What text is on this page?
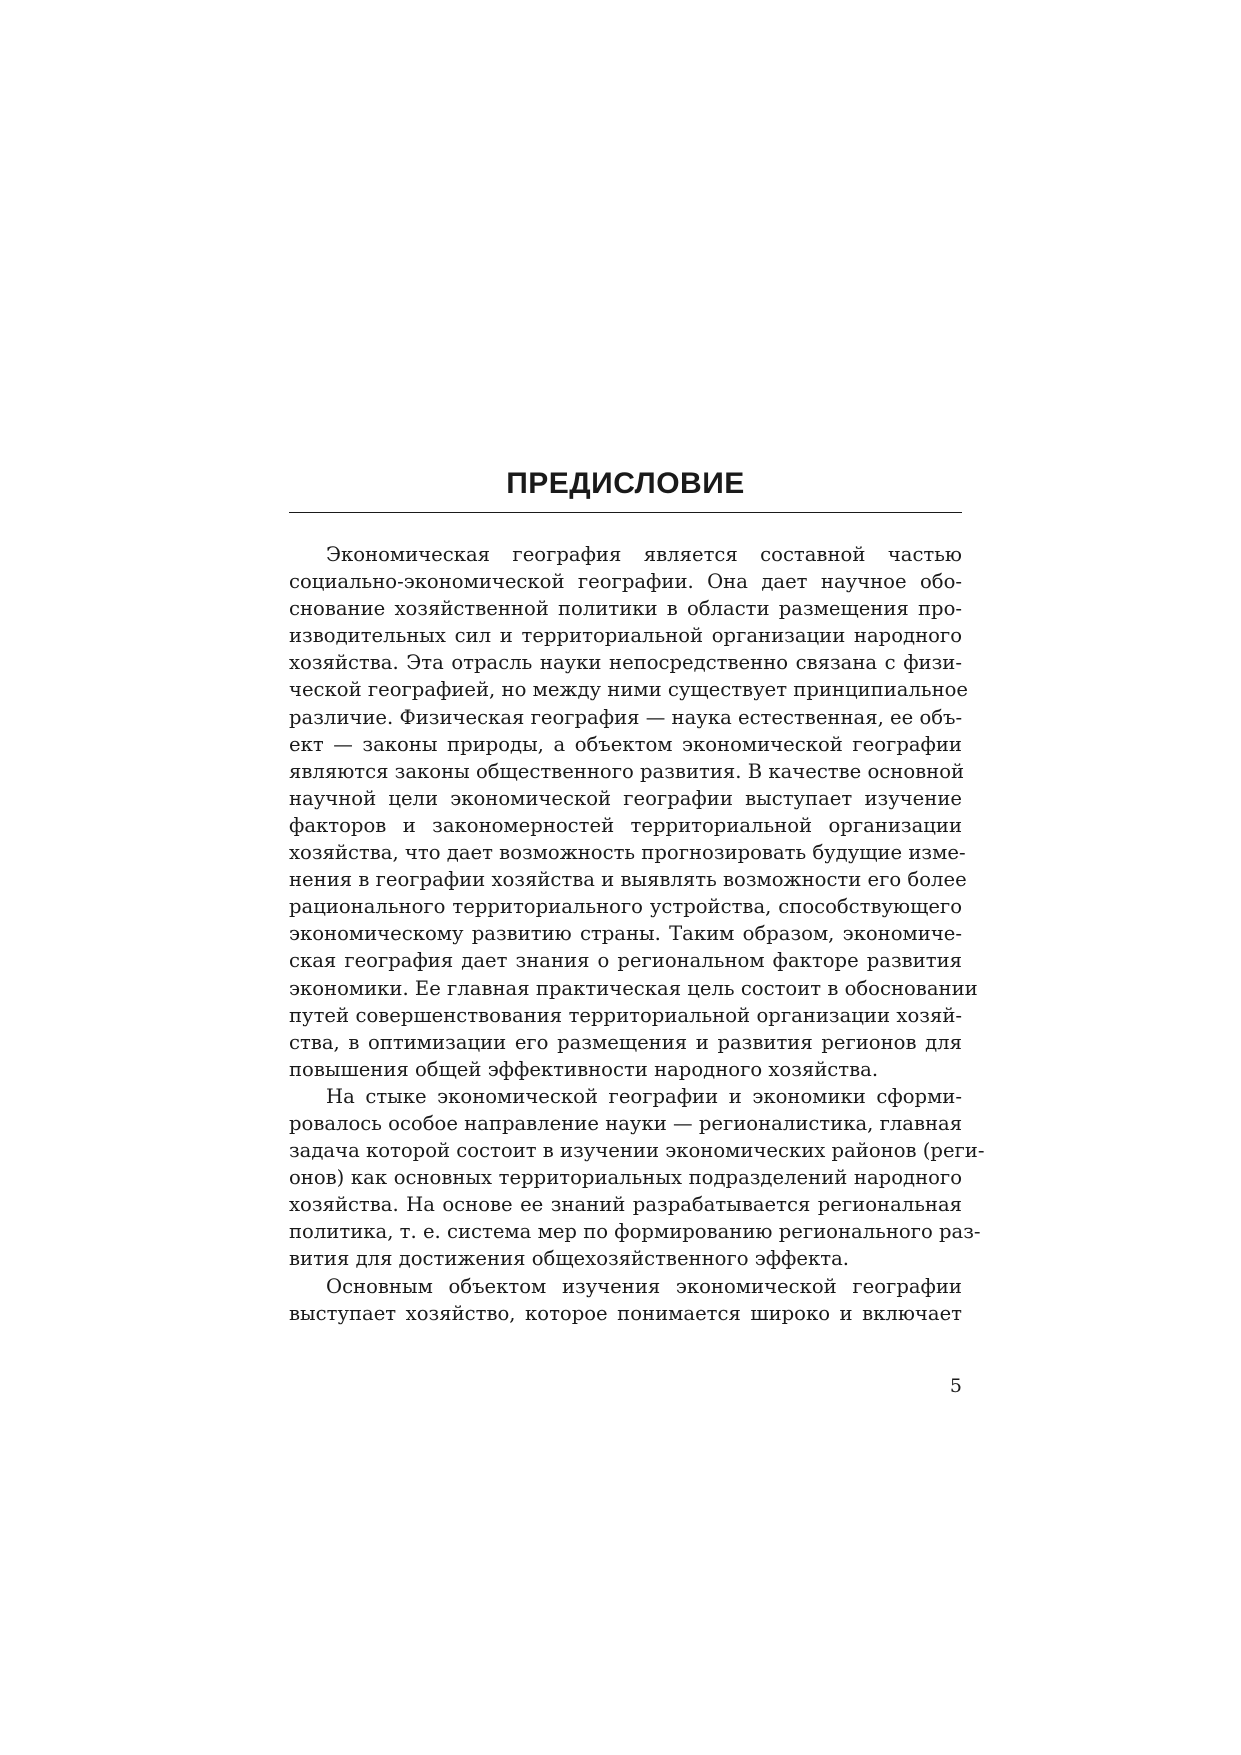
ПРЕДИСЛОВИЕ
Экономическая география является составной частью
социально-экономической географии. Она дает научное обо-
снование хозяйственной политики в области размещения про-
изводительных сил и территориальной организации народного
хозяйства. Эта отрасль науки непосредственно связана с физи-
ческой географией, но между ними существует принципиальное
различие. Физическая география — наука естественная, ее объ-
ект — законы природы, а объектом экономической географии
являются законы общественного развития. В качестве основной
научной цели экономической географии выступает изучение
факторов и закономерностей территориальной организации
хозяйства, что дает возможность прогнозировать будущие изме-
нения в географии хозяйства и выявлять возможности его более
рационального территориального устройства, способствующего
экономическому развитию страны. Таким образом, экономиче-
ская география дает знания о региональном факторе развития
экономики. Ее главная практическая цель состоит в обосновании
путей совершенствования территориальной организации хозяй-
ства, в оптимизации его размещения и развития регионов для
повышения общей эффективности народного хозяйства.
На стыке экономической географии и экономики сформи-
ровалось особое направление науки — регионалистика, главная
задача которой состоит в изучении экономических районов (реги-
онов) как основных территориальных подразделений народного
хозяйства. На основе ее знаний разрабатывается региональная
политика, т. е. система мер по формированию регионального раз-
вития для достижения общехозяйственного эффекта.
Основным объектом изучения экономической географии
выступает хозяйство, которое понимается широко и включает
5
